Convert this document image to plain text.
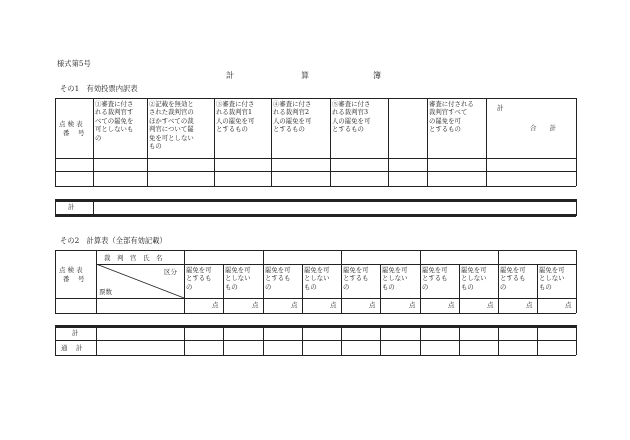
様式第5号
計	算	簿
その1　有効投票内訳表
その2　計算表（全部有効記載）
点 検 表
番　号
①審査に付さ
れる裁判官す
べての罷免を
可としないも
の
②記載を無効と
された裁判官の
ほかすべての裁
判官について罷
免を可としない
もの
③審査に付さ
れる裁判官1
人の罷免を可
とするもの
④審査に付さ
れる裁判官2
人の罷免を可
とするもの
⑤審査に付さ
れる裁判官3
人の罷免を可
とするもの
審査に付される
裁判官すべて
の罷免を可
とするもの
計
合　　計
計
点 検 表
番　号
裁　判　官　氏　名
区分
票数
罷免を可
とするも
の
点
罷免を可
としない
もの
点
罷免を可
とするも
の
点
罷免を可
としない
もの
点
罷免を可
とするも
の
点
罷免を可
としない
もの
点
罷免を可
とするも
の
点
罷免を可
としない
もの
点
罷免を可
とするも
の
点
罷免を可
としない
もの
点
計
通　計
